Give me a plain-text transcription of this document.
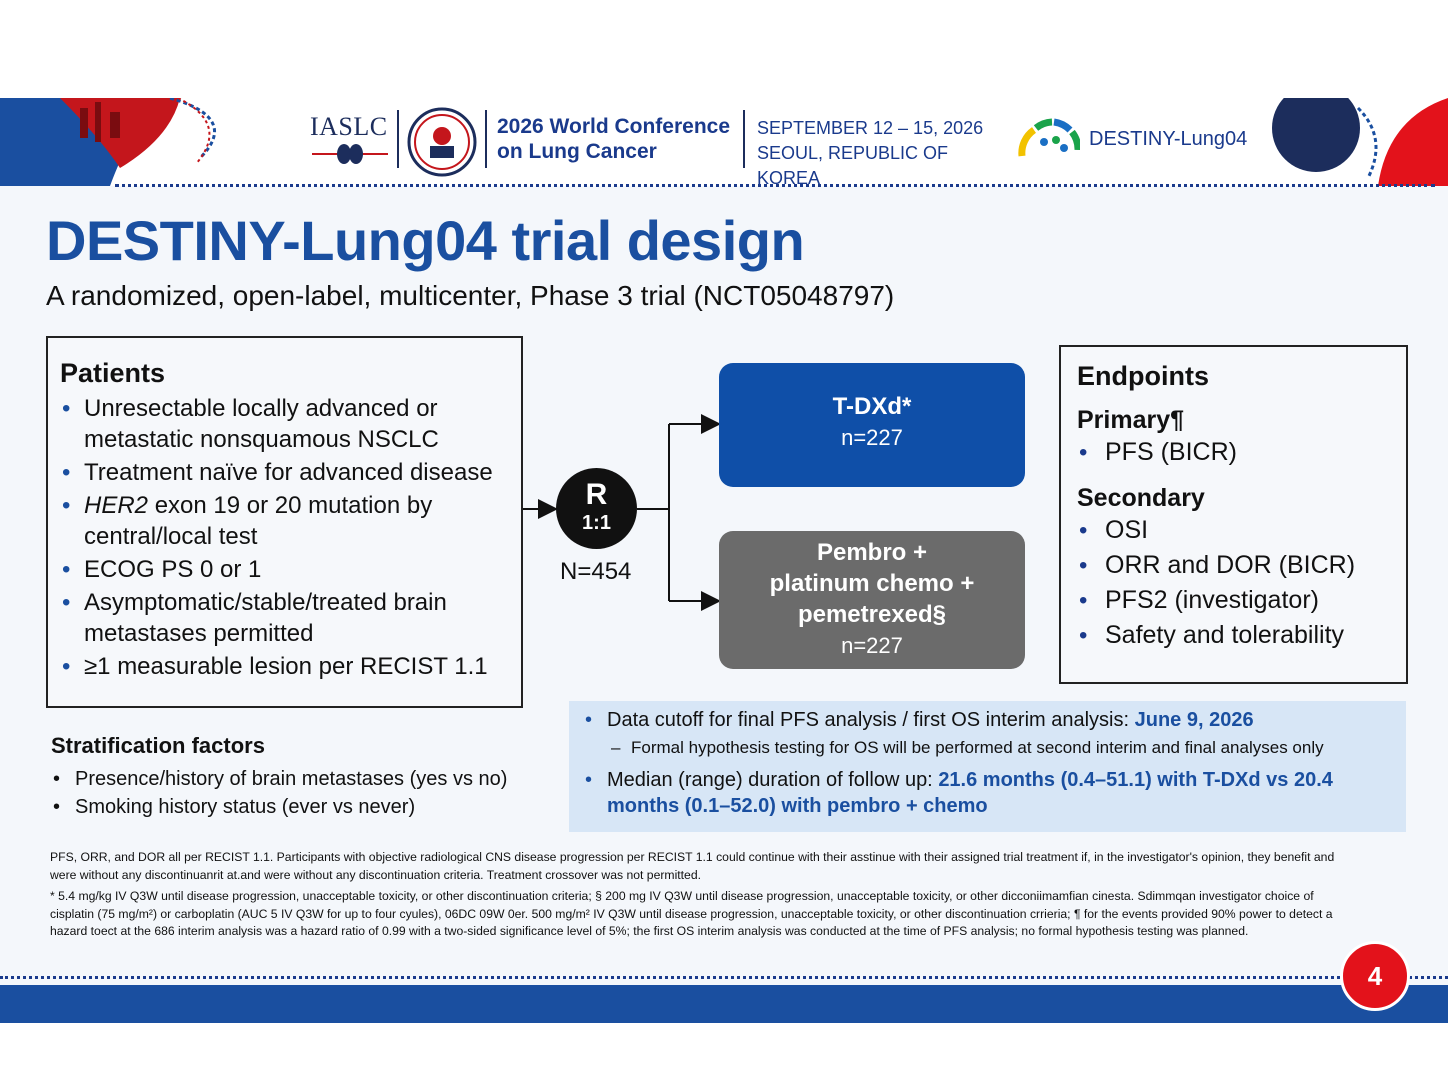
IASLC	2026 World Conference
on Lung Cancer
SEPTEMBER 12 – 15, 2026
SEOUL, REPUBLIC OF KOREA
DESTINY-Lung04
DESTINY-Lung04 trial design
A randomized, open-label, multicenter, Phase 3 trial (NCT05048797)
Patients
• Unresectable locally advanced or metastatic nonsquamous NSCLC
• Treatment naïve for advanced disease
• HER2 exon 19 or 20 mutation by central/local test
• ECOG PS 0 or 1
• Asymptomatic/stable/treated brain metastases permitted
• ≥1 measurable lesion per RECIST 1.1
R
1:1
N=454
T-DXd*
n=227
Pembro +
platinum chemo +
pemetrexed§
n=227
Endpoints
Primary¶
• PFS (BICR)
Secondary
• OSI
• ORR and DOR (BICR)
• PFS2 (investigator)
• Safety and tolerability
Stratification factors
• Presence/history of brain metastases (yes vs no)
• Smoking history status (ever vs never)
• Data cutoff for final PFS analysis / first OS interim analysis: June 9, 2026
– Formal hypothesis testing for OS will be performed at second interim and final analyses only
• Median (range) duration of follow up: 21.6 months (0.4–51.1) with T-DXd vs 20.4 months (0.1–52.0) with pembro + chemo

PFS, ORR, and DOR all per RECIST 1.1. Participants with objective radiological CNS disease progression per RECIST 1.1 could continue with their asstinue with their assigned trial treatment if, in the investigator's opinion, they benefit and were without any discontinuanrit at.and were without any discontinuation criteria. Treatment crossover was not permitted.

* 5.4 mg/kg IV Q3W until disease progression, unacceptable toxicity, or other discontinuation criteria; § 200 mg IV Q3W until disease progression, unacceptable toxicity, or other dicconiimamfian cinesta. Sdimmqan investigator choice of cisplatin (75 mg/m²) or carboplatin (AUC 5 IV Q3W for up to four cyules), 06DC 09W 0er. 500 mg/m² IV Q3W until disease progression, unacceptable toxicity, or other discontinuation crrieria; ¶ for the events provided 90% power to detect a hazard toect at the 686 interim analysis was a hazard ratio of 0.99 with a two-sided significance level of 5%; the first OS interim analysis was conducted at the time of PFS analysis; no formal hypothesis testing was planned.

4
